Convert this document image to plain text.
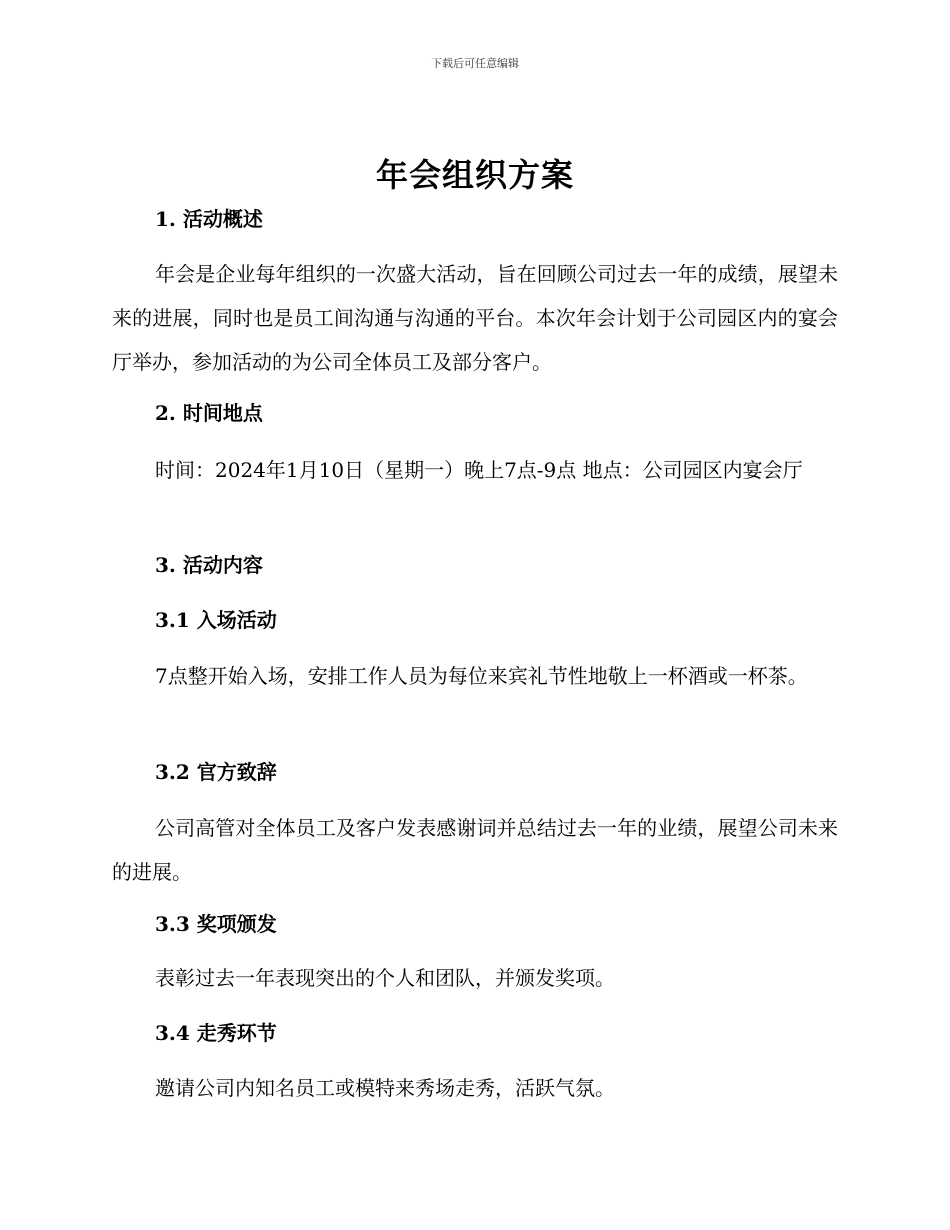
下载后可任意编辑
年会组织方案
1. 活动概述

年会是企业每年组织的一次盛大活动，旨在回顾公司过去一年的成绩，展望未来的进展，同时也是员工间沟通与沟通的平台。本次年会计划于公司园区内的宴会厅举办，参加活动的为公司全体员工及部分客户。

2. 时间地点

时间：2024年1月10日（星期一）晚上7点-9点 地点：公司园区内宴会厅

3. 活动内容
3.1 入场活动

7点整开始入场，安排工作人员为每位来宾礼节性地敬上一杯酒或一杯茶。

3.2 官方致辞

公司高管对全体员工及客户发表感谢词并总结过去一年的业绩，展望公司未来的进展。

3.3 奖项颁发

表彰过去一年表现突出的个人和团队，并颁发奖项。

3.4 走秀环节

邀请公司内知名员工或模特来秀场走秀，活跃气氛。
